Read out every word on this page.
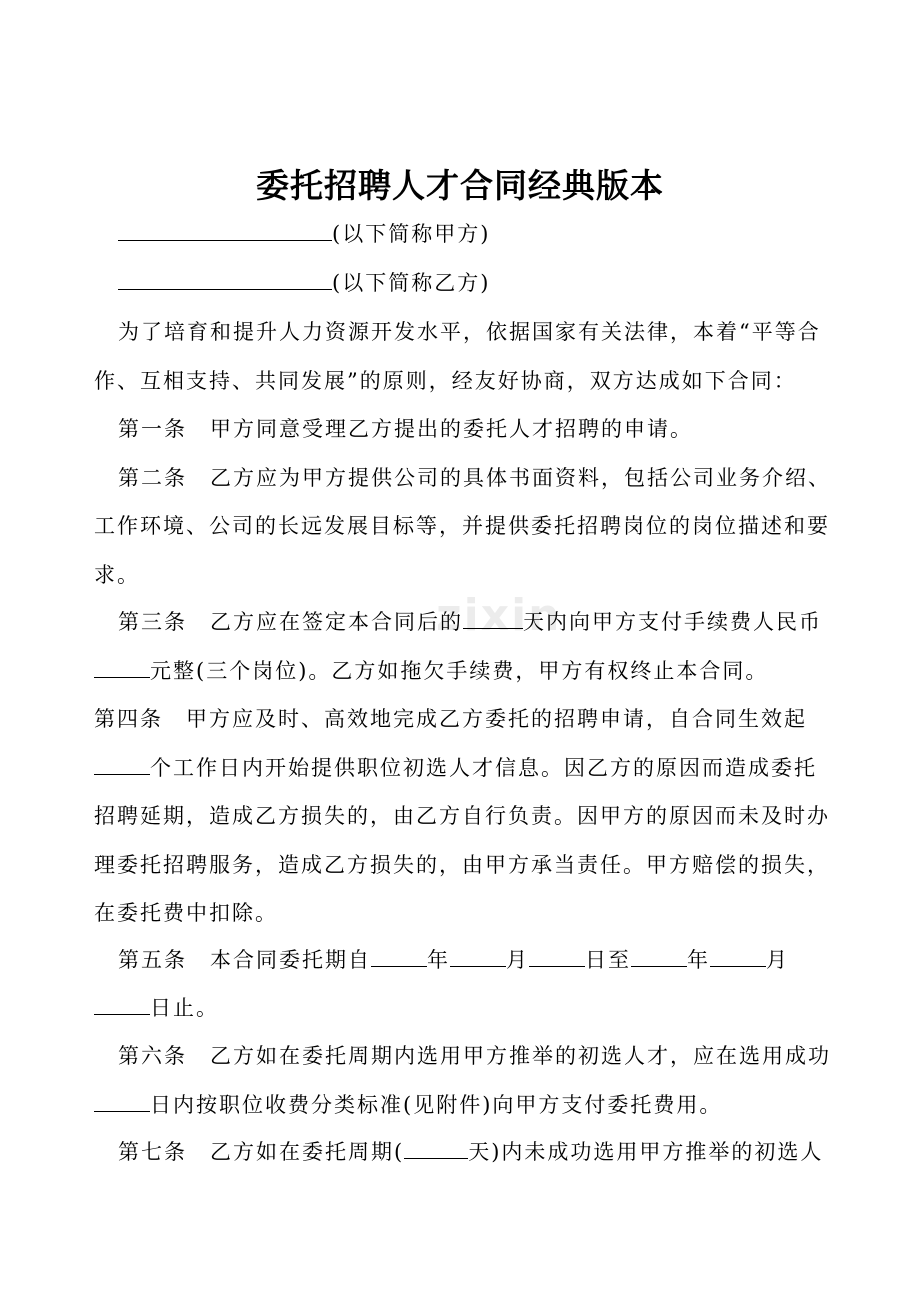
委托招聘人才合同经典版本
(以下简称甲方)
(以下简称乙方)
为了培育和提升人力资源开发水平，依据国家有关法律，本着“平等合
作、互相支持、共同发展”的原则，经友好协商，双方达成如下合同：
第一条　甲方同意受理乙方提出的委托人才招聘的申请。
第二条　乙方应为甲方提供公司的具体书面资料，包括公司业务介绍、
工作环境、公司的长远发展目标等，并提供委托招聘岗位的岗位描述和要
求。
第三条　乙方应在签定本合同后的	天内向甲方支付手续费人民币
元整(三个岗位)。乙方如拖欠手续费，甲方有权终止本合同。
第四条　甲方应及时、高效地完成乙方委托的招聘申请，自合同生效起
个工作日内开始提供职位初选人才信息。因乙方的原因而造成委托
招聘延期，造成乙方损失的，由乙方自行负责。因甲方的原因而未及时办
理委托招聘服务，造成乙方损失的，由甲方承当责任。甲方赔偿的损失，
在委托费中扣除。
第五条　本合同委托期自	年	月	日至	年	月
日止。
第六条　乙方如在委托周期内选用甲方推举的初选人才，应在选用成功
日内按职位收费分类标准(见附件)向甲方支付委托费用。
第七条　乙方如在委托周期(	天)内未成功选用甲方推举的初选人
zixin
